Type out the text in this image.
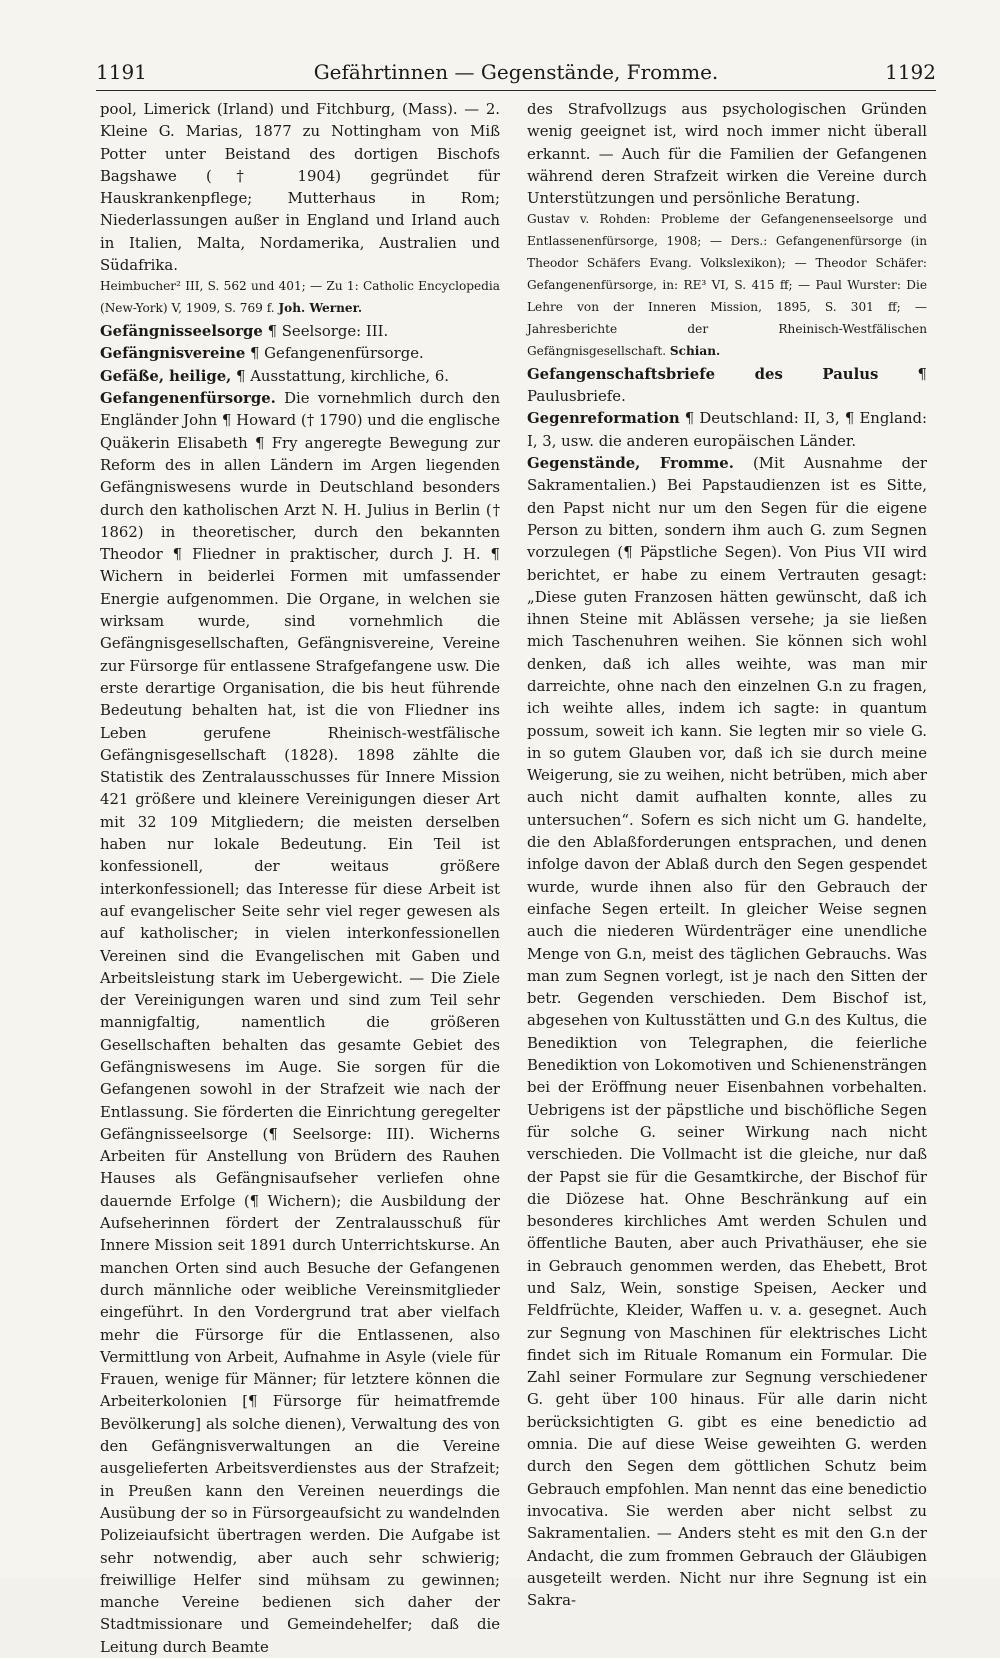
1191	Gefährtinnen — Gegenstände, Fromme.	1192

pool, Limerick (Irland) und Fitchburg, (Mass). — 2. Kleine G. Marias, 1877 zu Nottingham von Miß Potter unter Beistand des dortigen Bischofs Bagshawe († 1904) gegründet für Hauskrankenpflege; Mutterhaus in Rom; Niederlassungen außer in England und Irland auch in Italien, Malta, Nordamerika, Australien und Südafrika.

Heimbucher² III, S. 562 und 401; — Zu 1: Catholic Encyclopedia (New-York) V, 1909, S. 769 f. Joh. Werner.

Gefängnisseelsorge ¶ Seelsorge: III.

Gefängnisvereine ¶ Gefangenenfürsorge.

Gefäße, heilige, ¶ Ausstattung, kirchliche, 6.

Gefangenenfürsorge. Die vornehmlich durch den Engländer John ¶ Howard († 1790) und die englische Quäkerin Elisabeth ¶ Fry angeregte Bewegung zur Reform des in allen Ländern im Argen liegenden Gefängniswesens wurde in Deutschland besonders durch den katholischen Arzt N. H. Julius in Berlin († 1862) in theoretischer, durch den bekannten Theodor ¶ Fliedner in praktischer, durch J. H. ¶ Wichern in beiderlei Formen mit umfassender Energie aufgenommen. Die Organe, in welchen sie wirksam wurde, sind vornehmlich die Gefängnisgesellschaften, Gefängnisvereine, Vereine zur Fürsorge für entlassene Strafgefangene usw. Die erste derartige Organisation, die bis heut führende Bedeutung behalten hat, ist die von Fliedner ins Leben gerufene Rheinisch-westfälische Gefängnisgesellschaft (1828). 1898 zählte die Statistik des Zentralausschusses für Innere Mission 421 größere und kleinere Vereinigungen dieser Art mit 32 109 Mitgliedern; die meisten derselben haben nur lokale Bedeutung. Ein Teil ist konfessionell, der weitaus größere interkonfessionell; das Interesse für diese Arbeit ist auf evangelischer Seite sehr viel reger gewesen als auf katholischer; in vielen interkonfessionellen Vereinen sind die Evangelischen mit Gaben und Arbeitsleistung stark im Uebergewicht. — Die Ziele der Vereinigungen waren und sind zum Teil sehr mannigfaltig, namentlich die größeren Gesellschaften behalten das gesamte Gebiet des Gefängniswesens im Auge. Sie sorgen für die Gefangenen sowohl in der Strafzeit wie nach der Entlassung. Sie förderten die Einrichtung geregelter Gefängnisseelsorge (¶ Seelsorge: III). Wicherns Arbeiten für Anstellung von Brüdern des Rauhen Hauses als Gefängnisaufseher verliefen ohne dauernde Erfolge (¶ Wichern); die Ausbildung der Aufseherinnen fördert der Zentralausschuß für Innere Mission seit 1891 durch Unterrichtskurse. An manchen Orten sind auch Besuche der Gefangenen durch männliche oder weibliche Vereinsmitglieder eingeführt. In den Vordergrund trat aber vielfach mehr die Fürsorge für die Entlassenen, also Vermittlung von Arbeit, Aufnahme in Asyle (viele für Frauen, wenige für Männer; für letztere können die Arbeiterkolonien [¶ Fürsorge für heimatfremde Bevölkerung] als solche dienen), Verwaltung des von den Gefängnisverwaltungen an die Vereine ausgelieferten Arbeitsverdienstes aus der Strafzeit; in Preußen kann den Vereinen neuerdings die Ausübung der so in Fürsorgeaufsicht zu wandelnden Polizeiaufsicht übertragen werden. Die Aufgabe ist sehr notwendig, aber auch sehr schwierig; freiwillige Helfer sind mühsam zu gewinnen; manche Vereine bedienen sich daher der Stadtmissionare und Gemeindehelfer; daß die Leitung durch Beamte

des Strafvollzugs aus psychologischen Gründen wenig geeignet ist, wird noch immer nicht überall erkannt. — Auch für die Familien der Gefangenen während deren Strafzeit wirken die Vereine durch Unterstützungen und persönliche Beratung.

Gustav v. Rohden: Probleme der Gefangenenseelsorge und Entlassenenfürsorge, 1908; — Ders.: Gefangenenfürsorge (in Theodor Schäfers Evang. Volkslexikon); — Theodor Schäfer: Gefangenenfürsorge, in: RE³ VI, S. 415 ff; — Paul Wurster: Die Lehre von der Inneren Mission, 1895, S. 301 ff; — Jahresberichte der Rheinisch-Westfälischen Gefängnisgesellschaft. Schian.

Gefangenschaftsbriefe des Paulus	¶ Paulusbriefe.

Gegenreformation ¶ Deutschland: II, 3, ¶ England: I, 3, usw. die anderen europäischen Länder.

Gegenstände, Fromme. (Mit Ausnahme der Sakramentalien.) Bei Papstaudienzen ist es Sitte, den Papst nicht nur um den Segen für die eigene Person zu bitten, sondern ihm auch G. zum Segnen vorzulegen (¶ Päpstliche Segen). Von Pius VII wird berichtet, er habe zu einem Vertrauten gesagt: „Diese guten Franzosen hätten gewünscht, daß ich ihnen Steine mit Ablässen versehe; ja sie ließen mich Taschenuhren weihen. Sie können sich wohl denken, daß ich alles weihte, was man mir darreichte, ohne nach den einzelnen G.n zu fragen, ich weihte alles, indem ich sagte: in quantum possum, soweit ich kann. Sie legten mir so viele G. in so gutem Glauben vor, daß ich sie durch meine Weigerung, sie zu weihen, nicht betrüben, mich aber auch nicht damit aufhalten konnte, alles zu untersuchen“. Sofern es sich nicht um G. handelte, die den Ablaßforderungen entsprachen, und denen infolge davon der Ablaß durch den Segen gespendet wurde, wurde ihnen also für den Gebrauch der einfache Segen erteilt. In gleicher Weise segnen auch die niederen Würdenträger eine unendliche Menge von G.n, meist des täglichen Gebrauchs. Was man zum Segnen vorlegt, ist je nach den Sitten der betr. Gegenden verschieden. Dem Bischof ist, abgesehen von Kultusstätten und G.n des Kultus, die Benediktion von Telegraphen, die feierliche Benediktion von Lokomotiven und Schienensträngen bei der Eröffnung neuer Eisenbahnen vorbehalten. Uebrigens ist der päpstliche und bischöfliche Segen für solche G. seiner Wirkung nach nicht verschieden. Die Vollmacht ist die gleiche, nur daß der Papst sie für die Gesamtkirche, der Bischof für die Diözese hat. Ohne Beschränkung auf ein besonderes kirchliches Amt werden Schulen und öffentliche Bauten, aber auch Privathäuser, ehe sie in Gebrauch genommen werden, das Ehebett, Brot und Salz, Wein, sonstige Speisen, Aecker und Feldfrüchte, Kleider, Waffen u. v. a. gesegnet. Auch zur Segnung von Maschinen für elektrisches Licht findet sich im Rituale Romanum ein Formular. Die Zahl seiner Formulare zur Segnung verschiedener G. geht über 100 hinaus. Für alle darin nicht berücksichtigten G. gibt es eine benedictio ad omnia. Die auf diese Weise geweihten G. werden durch den Segen dem göttlichen Schutz beim Gebrauch empfohlen. Man nennt das eine benedictio invocativa. Sie werden aber nicht selbst zu Sakramentalien. — Anders steht es mit den G.n der Andacht, die zum frommen Gebrauch der Gläubigen ausgeteilt werden. Nicht nur ihre Segnung ist ein Sakra-
